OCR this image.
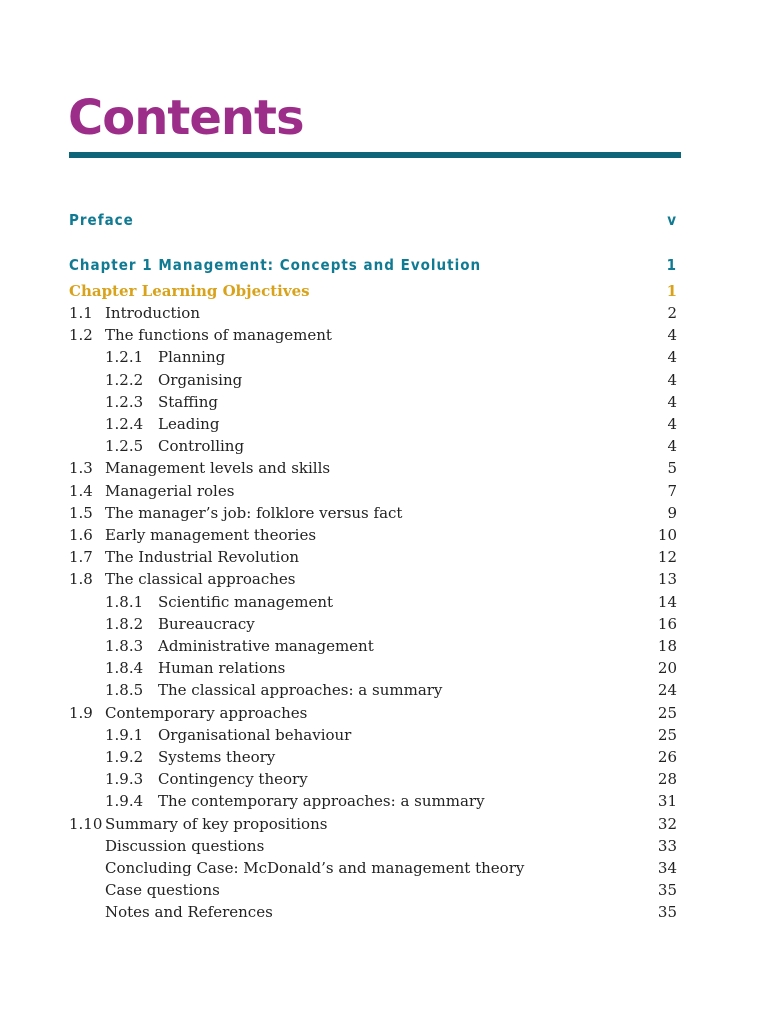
Contents
Preface	v
Chapter 1 Management: Concepts and Evolution	1
Chapter Learning Objectives	1
1.1 Introduction	2
1.2 The functions of management	4
1.2.1 Planning	4
1.2.2 Organising	4
1.2.3 Staffing	4
1.2.4 Leading	4
1.2.5 Controlling	4
1.3 Management levels and skills	5
1.4 Managerial roles	7
1.5 The manager’s job: folklore versus fact	9
1.6 Early management theories	10
1.7 The Industrial Revolution	12
1.8 The classical approaches	13
1.8.1 Scientific management	14
1.8.2 Bureaucracy	16
1.8.3 Administrative management	18
1.8.4 Human relations	20
1.8.5 The classical approaches: a summary	24
1.9 Contemporary approaches	25
1.9.1 Organisational behaviour	25
1.9.2 Systems theory	26
1.9.3 Contingency theory	28
1.9.4 The contemporary approaches: a summary	31
1.10 Summary of key propositions	32
Discussion questions	33
Concluding Case: McDonald’s and management theory	34
Case questions	35
Notes and References	35
